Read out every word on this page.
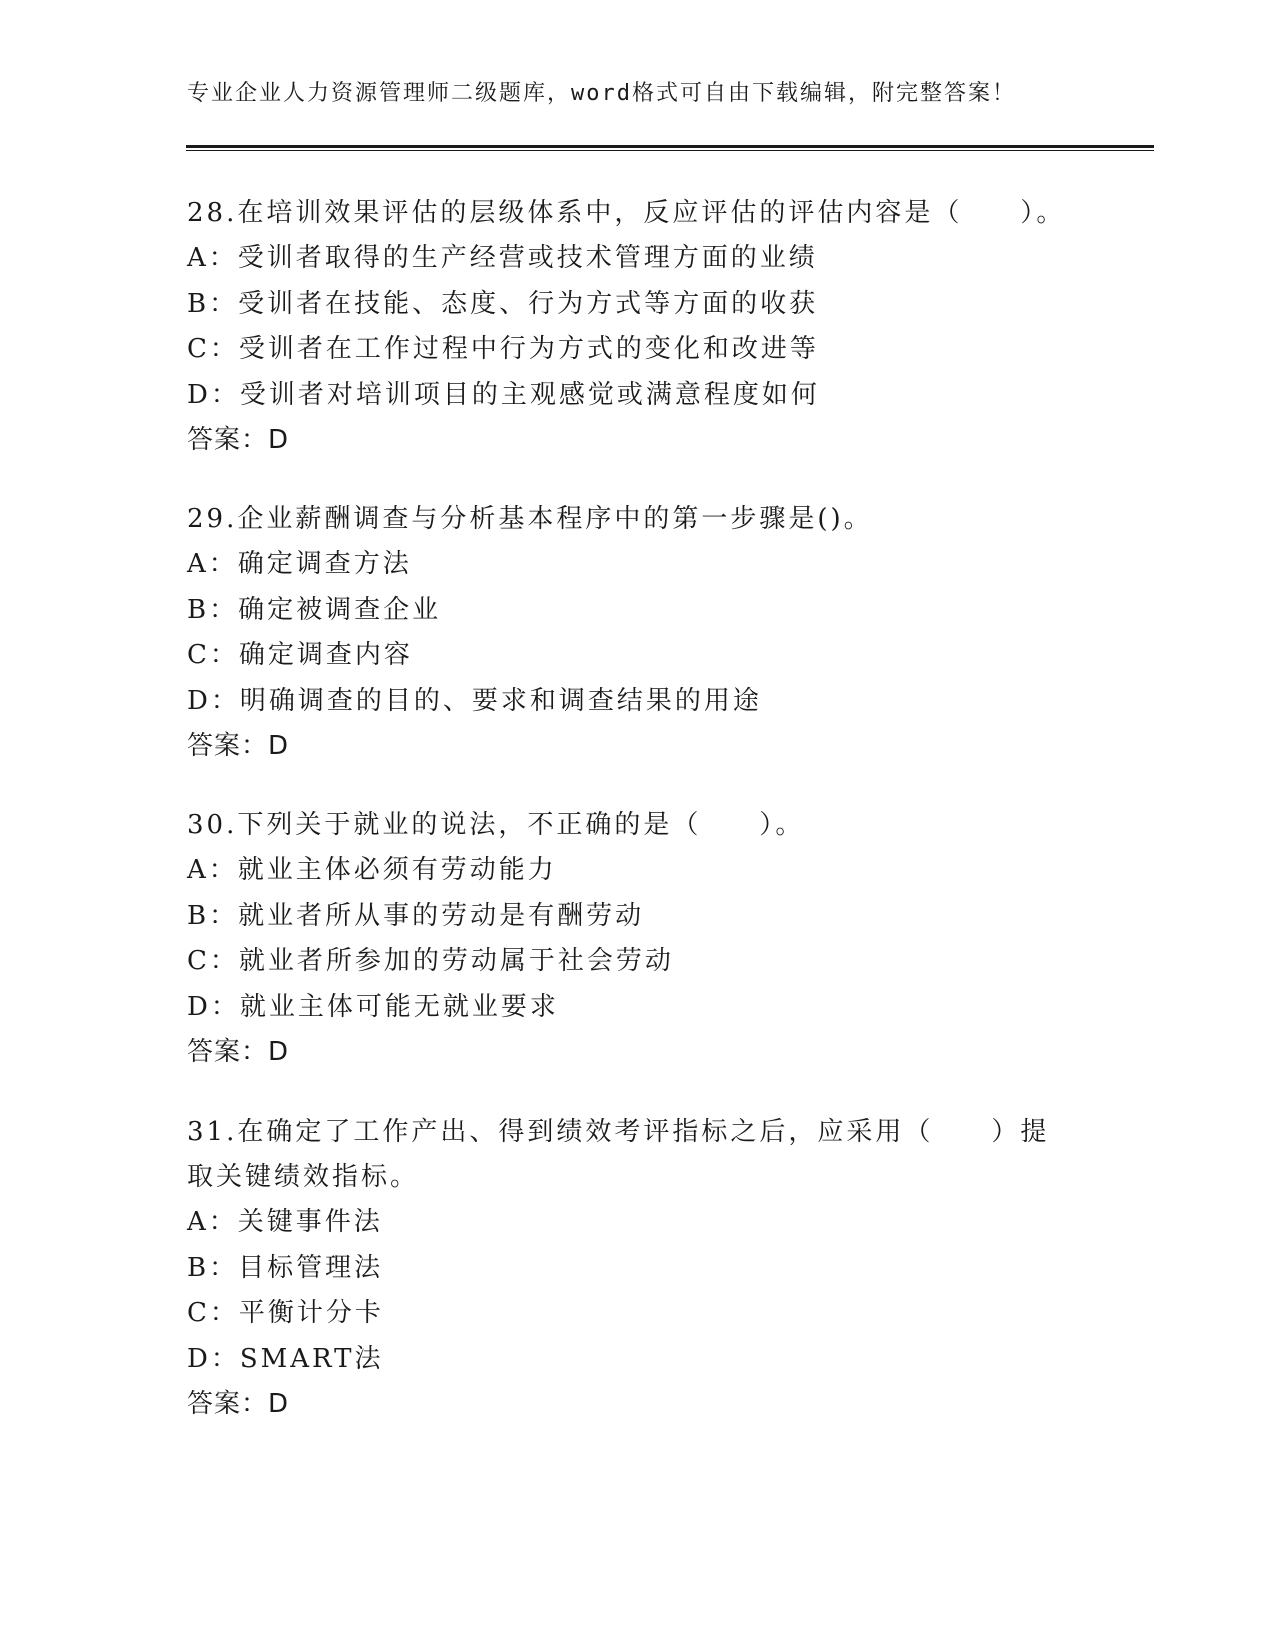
专业企业人力资源管理师二级题库，word格式可自由下载编辑，附完整答案！
28.在培训效果评估的层级体系中，反应评估的评估内容是（　　）。
A：受训者取得的生产经营或技术管理方面的业绩
B：受训者在技能、态度、行为方式等方面的收获
C：受训者在工作过程中行为方式的变化和改进等
D：受训者对培训项目的主观感觉或满意程度如何
答案：D
29.企业薪酬调查与分析基本程序中的第一步骤是()。
A：确定调查方法
B：确定被调查企业
C：确定调查内容
D：明确调查的目的、要求和调查结果的用途
答案：D
30.下列关于就业的说法，不正确的是（　　）。
A：就业主体必须有劳动能力
B：就业者所从事的劳动是有酬劳动
C：就业者所参加的劳动属于社会劳动
D：就业主体可能无就业要求
答案：D
31.在确定了工作产出、得到绩效考评指标之后，应采用（　　）提取关键绩效指标。
A：关键事件法
B：目标管理法
C：平衡计分卡
D：SMART法
答案：D
